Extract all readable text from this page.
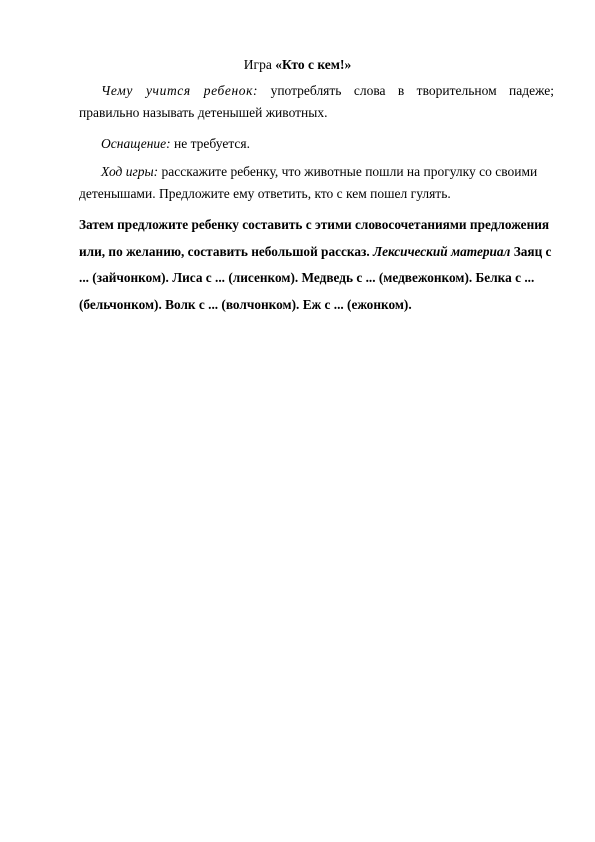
Игра «Кто с кем!»

Чему учится ребенок: употреблять слова в творительном падеже; правильно называть детенышей животных.

Оснащение: не требуется.

Ход игры: расскажите ребенку, что животные пошли на прогулку со своими детенышами. Предложите ему ответить, кто с кем пошел гулять.

Затем предложите ребенку составить с этими словосочетаниями предложения или, по желанию, составить небольшой рассказ. Лексический материал Заяц с ... (зайчонком). Лиса с ... (лисенком). Медведь с ... (медвежонком). Белка с ... (бельчонком). Волк с ... (волчонком). Еж с ... (ежонком).
